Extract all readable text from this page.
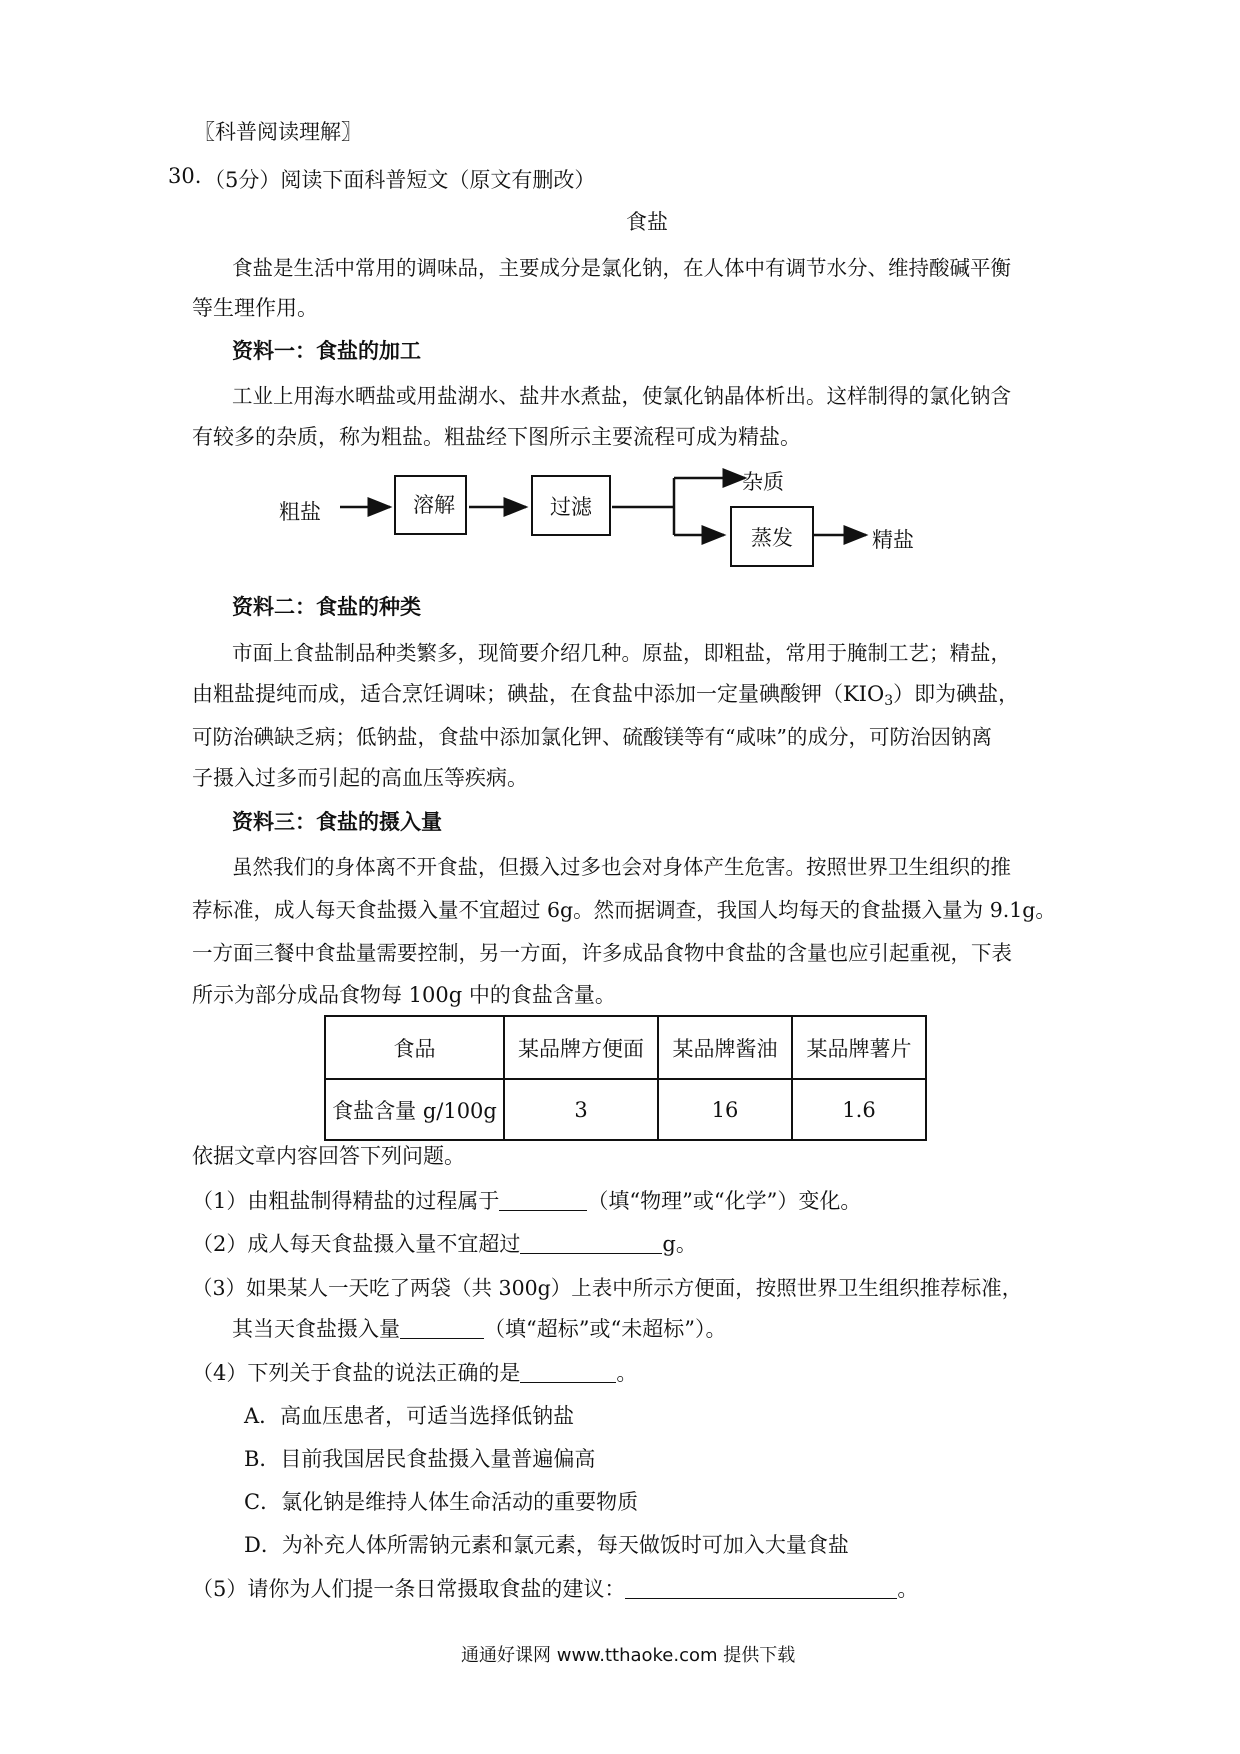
〖科普阅读理解〗
30. （5分）阅读下面科普短文（原文有删改）
食盐
食盐是生活中常用的调味品，主要成分是氯化钠，在人体中有调节水分、维持酸碱平衡
等生理作用。
资料一：食盐的加工
工业上用海水晒盐或用盐湖水、盐井水煮盐，使氯化钠晶体析出。这样制得的氯化钠含
有较多的杂质，称为粗盐。粗盐经下图所示主要流程可成为精盐。
粗盐	溶解	过滤
杂质
蒸发	精盐
资料二：食盐的种类
市面上食盐制品种类繁多，现简要介绍几种。原盐，即粗盐，常用于腌制工艺；精盐，
由粗盐提纯而成，适合烹饪调味；碘盐，在食盐中添加一定量碘酸钾$(KIO_3)$即为碘盐，
可防治碘缺乏病；低钠盐，食盐中添加氯化钾、硫酸镁等有“咸味”的成分，可防治因钠离
子摄入过多而引起的高血压等疾病。
资料三：食盐的摄入量
虽然我们的身体离不开食盐，但摄入过多也会对身体产生危害。按照世界卫生组织的推
荐标准，成人每天食盐摄入量不宜超过 6g。然而据调查，我国人均每天的食盐摄入量为 9.1g。
一方面三餐中食盐量需要控制，另一方面，许多成品食物中食盐的含量也应引起重视，下表
所示为部分成品食物每 100g 中的食盐含量。
食品	某品牌方便面	某品牌酱油	某品牌薯片
食盐含量 g/100g	3	16	1.6
依据文章内容回答下列问题。
（1）由粗盐制得精盐的过程属于	（填“物理”或“化学”）变化。
（2）成人每天食盐摄入量不宜超过	g。
（3）如果某人一天吃了两袋（共 300g）上表中所示方便面，按照世界卫生组织推荐标准，
其当天食盐摄入量	（填“超标”或“未超标”）。
（4）下列关于食盐的说法正确的是	。
A．高血压患者，可适当选择低钠盐
B．目前我国居民食盐摄入量普遍偏高
C．氯化钠是维持人体生命活动的重要物质
D．为补充人体所需钠元素和氯元素，每天做饭时可加入大量食盐
（5）请你为人们提一条日常摄取食盐的建议：	。
通通好课网 www.tthaoke.com 提供下载
